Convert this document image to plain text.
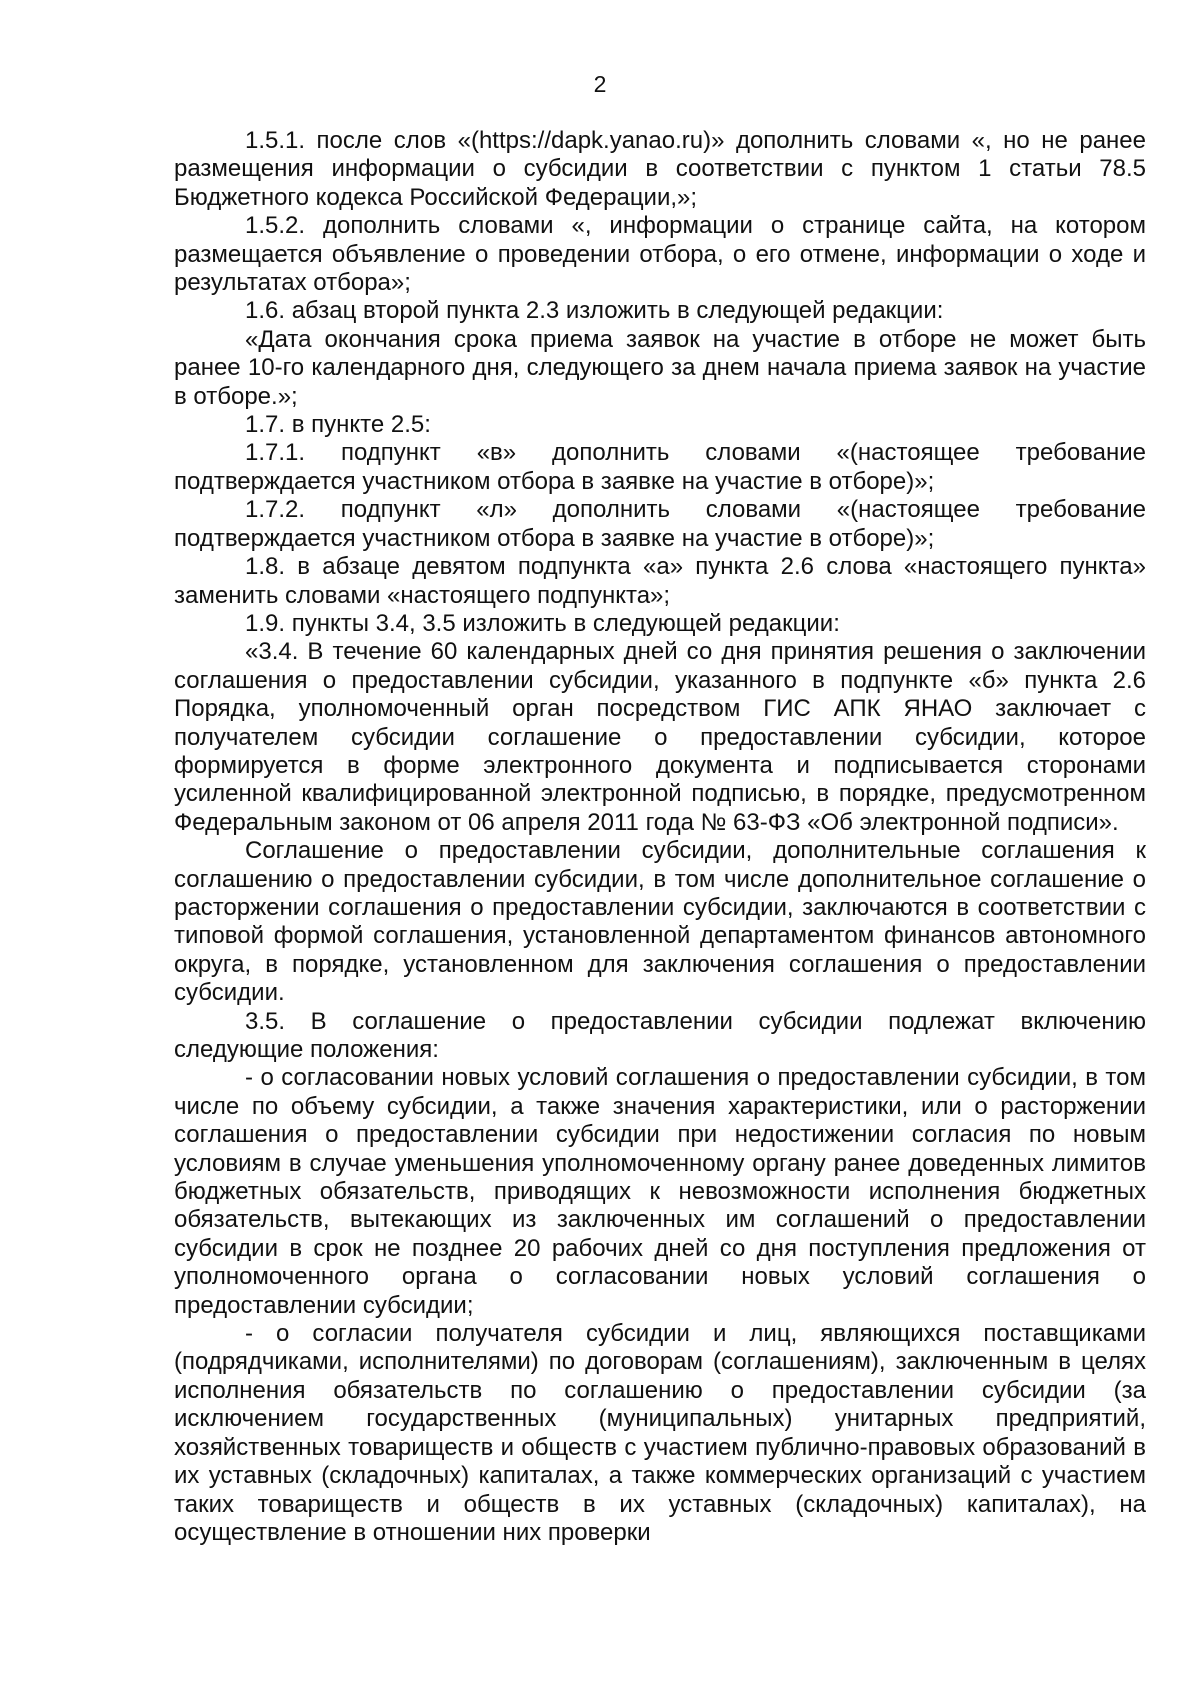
2

1.5.1. после слов «(https://dapk.yanao.ru)» дополнить словами «, но не ранее размещения информации о субсидии в соответствии с пунктом 1 статьи 78.5 Бюджетного кодекса Российской Федерации,»;

1.5.2. дополнить словами «, информации о странице сайта, на котором размещается объявление о проведении отбора, о его отмене, информации о ходе и результатах отбора»;

1.6. абзац второй пункта 2.3 изложить в следующей редакции:

«Дата окончания срока приема заявок на участие в отборе не может быть ранее 10-го календарного дня, следующего за днем начала приема заявок на участие в отборе.»;

1.7. в пункте 2.5:

1.7.1. подпункт «в» дополнить словами «(настоящее требование подтверждается участником отбора в заявке на участие в отборе)»;

1.7.2. подпункт «л» дополнить словами «(настоящее требование подтверждается участником отбора в заявке на участие в отборе)»;

1.8. в абзаце девятом подпункта «а» пункта 2.6 слова «настоящего пункта» заменить словами «настоящего подпункта»;

1.9. пункты 3.4, 3.5 изложить в следующей редакции:

«3.4. В течение 60 календарных дней со дня принятия решения о заключении соглашения о предоставлении субсидии, указанного в подпункте «б» пункта 2.6 Порядка, уполномоченный орган посредством ГИС АПК ЯНАО заключает с получателем субсидии соглашение о предоставлении субсидии, которое формируется в форме электронного документа и подписывается сторонами усиленной квалифицированной электронной подписью, в порядке, предусмотренном Федеральным законом от 06 апреля 2011 года № 63-ФЗ «Об электронной подписи».

Соглашение о предоставлении субсидии, дополнительные соглашения к соглашению о предоставлении субсидии, в том числе дополнительное соглашение о расторжении соглашения о предоставлении субсидии, заключаются в соответствии с типовой формой соглашения, установленной департаментом финансов автономного округа, в порядке, установленном для заключения соглашения о предоставлении субсидии.

3.5. В соглашение о предоставлении субсидии подлежат включению следующие положения:

- о согласовании новых условий соглашения о предоставлении субсидии, в том числе по объему субсидии, а также значения характеристики, или о расторжении соглашения о предоставлении субсидии при недостижении согласия по новым условиям в случае уменьшения уполномоченному органу ранее доведенных лимитов бюджетных обязательств, приводящих к невозможности исполнения бюджетных обязательств, вытекающих из заключенных им соглашений о предоставлении субсидии в срок не позднее 20 рабочих дней со дня поступления предложения от уполномоченного органа о согласовании новых условий соглашения о предоставлении субсидии;

- о согласии получателя субсидии и лиц, являющихся поставщиками (подрядчиками, исполнителями) по договорам (соглашениям), заключенным в целях исполнения обязательств по соглашению о предоставлении субсидии (за исключением государственных (муниципальных) унитарных предприятий, хозяйственных товариществ и обществ с участием публично-правовых образований в их уставных (складочных) капиталах, а также коммерческих организаций с участием таких товариществ и обществ в их уставных (складочных) капиталах), на осуществление в отношении них проверки
